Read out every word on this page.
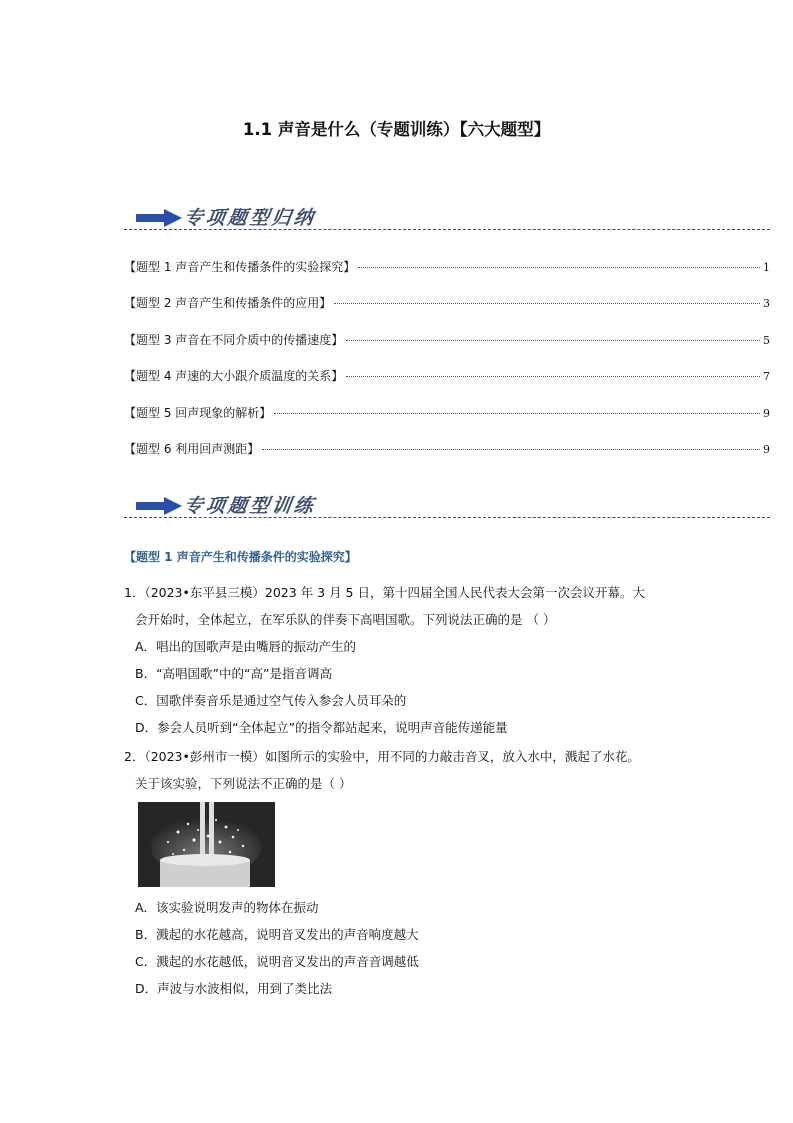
1.1 声音是什么（专题训练）【六大题型】
专项题型归纳
【题型 1 声音产生和传播条件的实验探究】	1
【题型 2 声音产生和传播条件的应用】	3
【题型 3 声音在不同介质中的传播速度】	5
【题型 4 声速的大小跟介质温度的关系】	7
【题型 5 回声现象的解析】	9
【题型 6 利用回声测距】	9
专项题型训练
【题型 1 声音产生和传播条件的实验探究】
1．（2023•东平县三模）2023 年 3 月 5 日，第十四届全国人民代表大会第一次会议开幕。大
会开始时，全体起立，在军乐队的伴奏下高唱国歌。下列说法正确的是 （ ）
A．唱出的国歌声是由嘴唇的振动产生的
B．“高唱国歌”中的“高”是指音调高
C．国歌伴奏音乐是通过空气传入参会人员耳朵的
D．参会人员听到“全体起立”的指令都站起来，说明声音能传递能量
2．（2023•彭州市一模）如图所示的实验中，用不同的力敲击音叉，放入水中，溅起了水花。
关于该实验，下列说法不正确的是（ ）
A．该实验说明发声的物体在振动
B．溅起的水花越高，说明音叉发出的声音响度越大
C．溅起的水花越低，说明音叉发出的声音音调越低
D．声波与水波相似，用到了类比法
